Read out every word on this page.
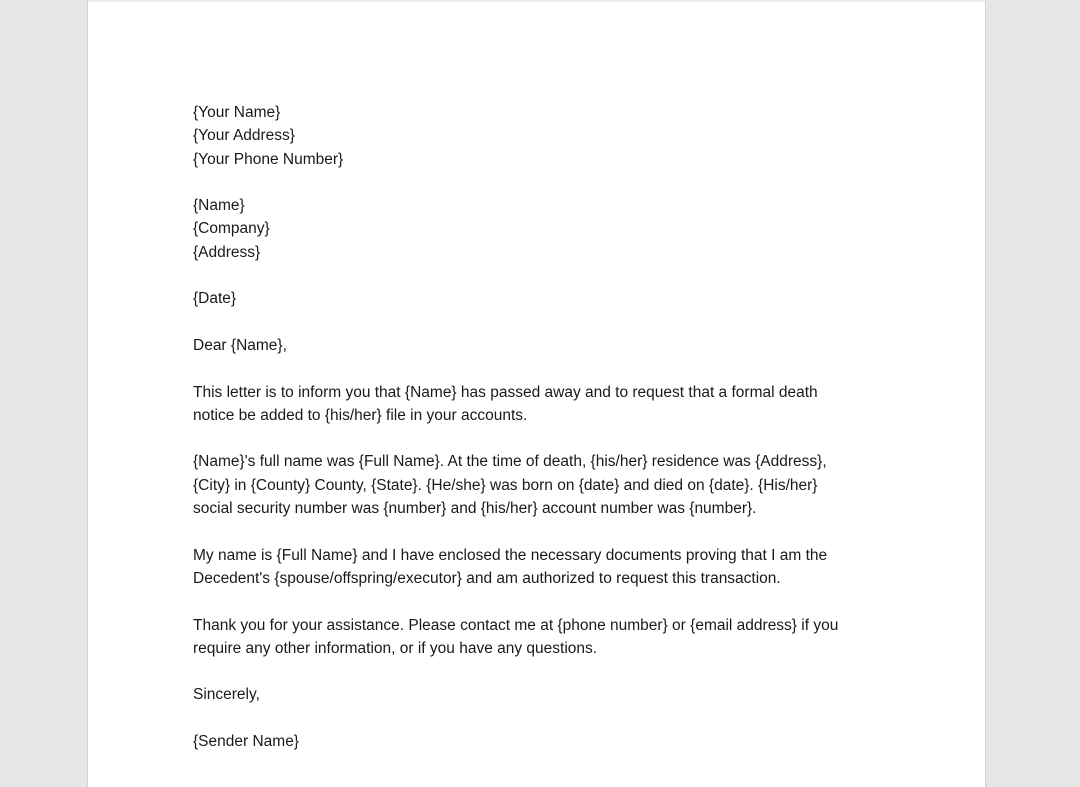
{Your Name}
{Your Address}
{Your Phone Number}
{Name}
{Company}
{Address}
{Date}
Dear {Name},
This letter is to inform you that {Name} has passed away and to request that a formal death
notice be added to {his/her} file in your accounts.
{Name}'s full name was {Full Name}. At the time of death, {his/her} residence was {Address},
{City} in {County} County, {State}. {He/she} was born on {date} and died on {date}. {His/her}
social security number was {number} and {his/her} account number was {number}.
My name is {Full Name} and I have enclosed the necessary documents proving that I am the
Decedent's {spouse/offspring/executor} and am authorized to request this transaction.
Thank you for your assistance. Please contact me at {phone number} or {email address} if you
require any other information, or if you have any questions.
Sincerely,
{Sender Name}
